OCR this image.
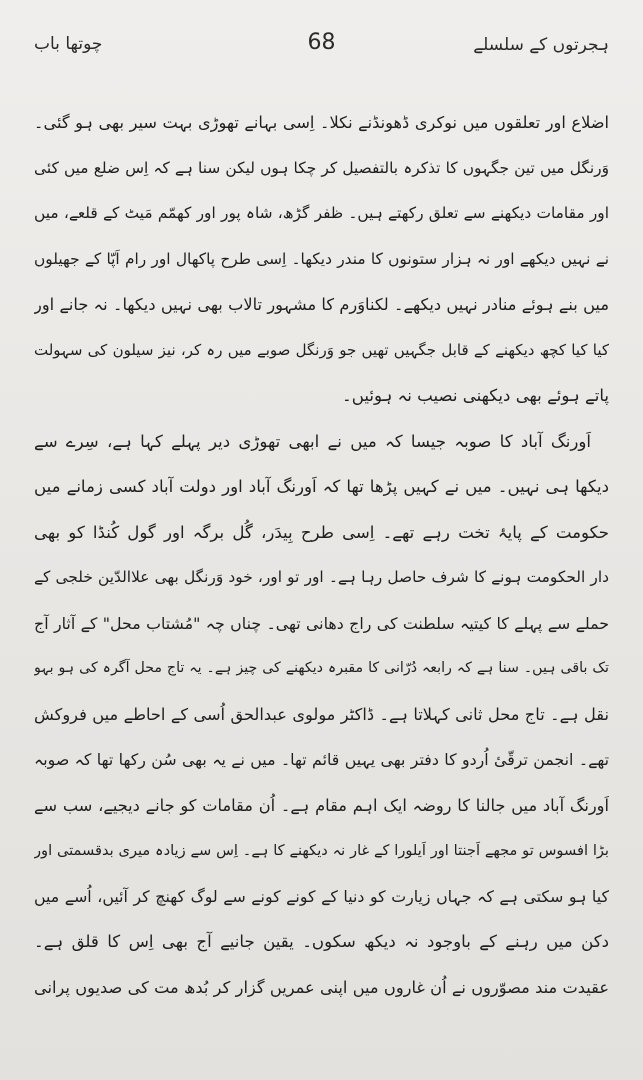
ہجرتوں کے سلسلے
68
چوتھا باب
اضلاع اور تعلقوں میں نوکری ڈھونڈنے نکلا۔ اِسی بہانے تھوڑی بہت سیر بھی ہو گئی۔
وَرنگل میں تین جگہوں کا تذکرہ بالتفصیل کر چکا ہوں لیکن سنا ہے کہ اِس ضلع میں کئی
اور مقامات دیکھنے سے تعلق رکھتے ہیں۔ ظفر گڑھ، شاہ پور اور کھمّم مَیٹ کے قلعے، میں
نے نہیں دیکھے اور نہ ہزار ستونوں کا مندر دیکھا۔ اِسی طرح پاکھال اور رام اَپّا کے جھیلوں
میں بنے ہوئے منادر نہیں دیکھے۔ لکناوَرم کا مشہور تالاب بھی نہیں دیکھا۔ نہ جانے اور
کیا کیا کچھ دیکھنے کے قابل جگہیں تھیں جو وَرنگل صوبے میں رہ کر، نیز سیلون کی سہولت
پاتے ہوئے بھی دیکھنی نصیب نہ ہوئیں۔
اَورنگ آباد کا صوبہ جیسا کہ میں نے ابھی تھوڑی دیر پہلے کہا ہے، سِرے سے
دیکھا ہی نہیں۔ میں نے کہیں پڑھا تھا کہ اَورنگ آباد اور دولت آباد کسی زمانے میں
حکومت کے پایۂ تخت رہے تھے۔ اِسی طرح بِیدَر، گُل برگہ اور گول کُنڈا کو بھی
دار الحکومت ہونے کا شرف حاصل رہا ہے۔ اور تو اور، خود وَرنگل بھی علاالدّین خلجی کے
حملے سے پہلے کا کیتیہ سلطنت کی راج دھانی تھی۔ چناں چہ "مُشتاب محل" کے آثار آج
تک باقی ہیں۔ سنا ہے کہ رابعہ دُرّانی کا مقبرہ دیکھنے کی چیز ہے۔ یہ تاج محل آگرہ کی ہو بہو
نقل ہے۔ تاج محل ثانی کہلاتا ہے۔ ڈاکٹر مولوی عبدالحق اُسی کے احاطے میں فروکش
تھے۔ انجمن ترقّیٔ اُردو کا دفتر بھی یہیں قائم تھا۔ میں نے یہ بھی سُن رکھا تھا کہ صوبہ
اَورنگ آباد میں جالنا کا روضہ ایک اہم مقام ہے۔ اُن مقامات کو جانے دیجیے، سب سے
بڑا افسوس تو مجھے اَجنتا اور اَیلورا کے غار نہ دیکھنے کا ہے۔ اِس سے زیادہ میری بدقسمتی اور
کیا ہو سکتی ہے کہ جہاں زیارت کو دنیا کے کونے کونے سے لوگ کھنچ کر آئیں، اُسے میں
دکن میں رہنے کے باوجود نہ دیکھ سکوں۔ یقین جانیے آج بھی اِس کا قلق ہے۔
عقیدت مند مصوّروں نے اُن غاروں میں اپنی عمریں گزار کر بُدھ مت کی صدیوں پرانی
